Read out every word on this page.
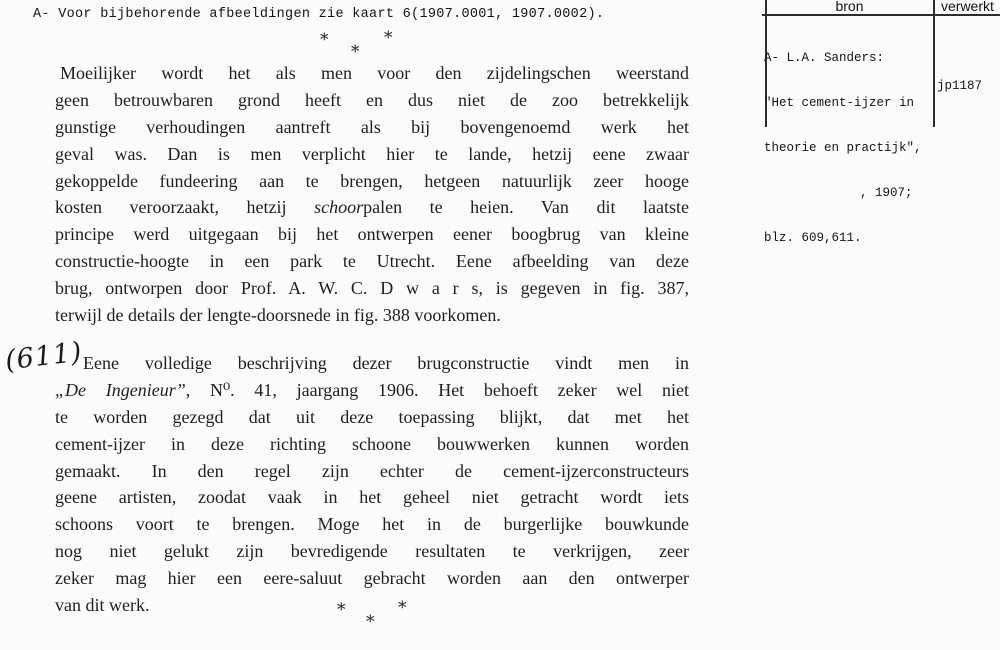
A- Voor bijbehorende afbeeldingen zie kaart 6(1907.0001, 1907.0002).
*	*
*
Moeilijker wordt het als men voor den zijdelingschen weerstand
geen betrouwbaren grond heeft en dus niet de zoo betrekkelijk
gunstige verhoudingen aantreft als bij bovengenoemd werk het
geval was. Dan is men verplicht hier te lande, hetzij eene zwaar
gekoppelde fundeering aan te brengen, hetgeen natuurlijk zeer hooge
kosten veroorzaakt, hetzij schoorpalen te heien. Van dit laatste
principe werd uitgegaan bij het ontwerpen eener boogbrug van kleine
constructie-hoogte in een park te Utrecht. Eene afbeelding van deze
brug, ontworpen door Prof. A. W. C. D w a r s, is gegeven in fig. 387,
terwijl de details der lengte-doorsnede in fig. 388 voorkomen.
(611)
Eene volledige beschrijving dezer brugconstructie vindt men in
„De Ingenieur”, N⁰. 41, jaargang 1906. Het behoeft zeker wel niet
te worden gezegd dat uit deze toepassing blijkt, dat met het
cement-ijzer in deze richting schoone bouwwerken kunnen worden
gemaakt. In den regel zijn echter de cement-ijzerconstructeurs
geene artisten, zoodat vaak in het geheel niet getracht wordt iets
schoons voort te brengen. Moge het in de burgerlijke bouwkunde
nog niet gelukt zijn bevredigende resultaten te verkrijgen, zeer
zeker mag hier een eere-saluut gebracht worden aan den ontwerper
van dit werk.	*	*
*
bron	verwerkt

A- L.A. Sanders:

"Het cement-ijzer in

theorie en practijk",

, 1907;

blz. 609,611.

jp1187
